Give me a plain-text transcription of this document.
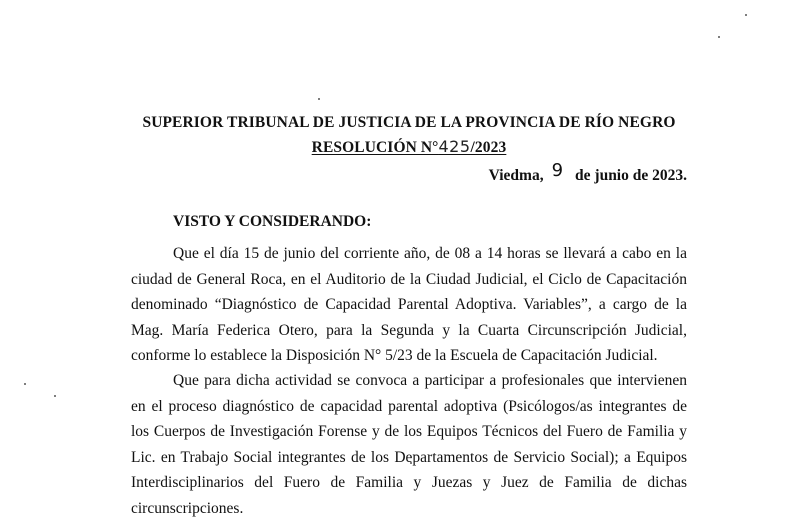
SUPERIOR TRIBUNAL DE JUSTICIA DE LA PROVINCIA DE RÍO NEGRO
RESOLUCIÓN N°425/2023
Viedma, 9 de junio de 2023.
VISTO Y CONSIDERANDO:

Que el día 15 de junio del corriente año, de 08 a 14 horas se llevará a cabo en la ciudad de General Roca, en el Auditorio de la Ciudad Judicial, el Ciclo de Capacitación denominado “Diagnóstico de Capacidad Parental Adoptiva. Variables”, a cargo de la Mag. María Federica Otero, para la Segunda y la Cuarta Circunscripción Judicial, conforme lo establece la Disposición N° 5/23 de la Escuela de Capacitación Judicial.

Que para dicha actividad se convoca a participar a profesionales que intervienen en el proceso diagnóstico de capacidad parental adoptiva (Psicólogos/as integrantes de los Cuerpos de Investigación Forense y de los Equipos Técnicos del Fuero de Familia y Lic. en Trabajo Social integrantes de los Departamentos de Servicio Social); a Equipos Interdisciplinarios del Fuero de Familia y Juezas y Juez de Familia de dichas circunscripciones.
